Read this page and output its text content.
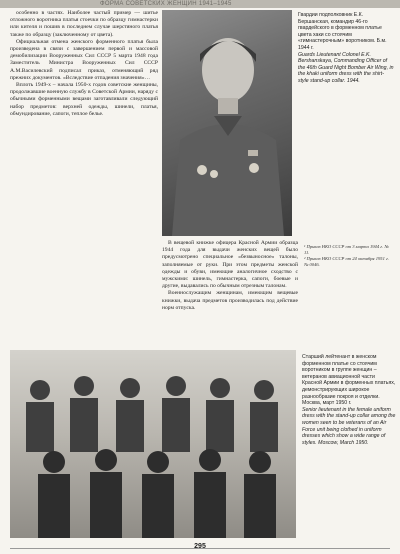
ФОРМА СОВЕТСКИХ ЖЕНЩИН 1941–1945

особенно в частях. Наиболее частый пример — шитье отложного воротника платья стоечки по образцу гимнастерки или кителя и пошив в последнем случае шерстяного платья также по образцу (заключенному от цвета).

Официальная отмена женского форменного платья была произведена в связи с завершением первой и массовой демобилизации Вооруженных Сил СССР 5 марта 1948 года Заместитель Министра Вооруженных Сил СССР А.М.Василевский подписал приказ, отменяющий ряд прежних документов. «Вследствие отпадения значения»…

Вплоть 1949-х – начала 1950-х годов советские женщины, продолжавшие военную службу в Советской Армии, наряду с обычными форменными вещами заготавливали следующий набор предметов: верхней одежды, шинели, платья, обмундирование, сапоги, теплое белье.

Гвардии подполковник Е.К. Бершанская, командир 46-го гвардейского в форменном платье цвета хаки со стоячим «гимнастерочным» воротником. Б.м. 1944 г.
Guards Lieutenant Colonel E.K. Bershanskaya, Commanding Officer of the 46th Guard Night Bomber Air Wing, in the khaki uniform dress with the shirt-style stand-up collar. 1944.

В вещевой книжке офицера Красной Армии образца 1944 года для выдачи женских вещей было предусмотрено специальное «безвыносное» талоны, заполняемые от руки. При этом предметы женской одежды и обуви, имеющие аналогичное сходство с мужскими: шинель, гимнастерка, сапоги, боевые и другие, выдавались по обычным отрезным талонам.

Военнослужащим женщинам, имеющим вещевые книжки, выдача предметов производилась под действие норм отпуска.

¹ Приказ НКО СССР от 3 марта 1944 г. № 11.
² Приказ НКО СССР от 24 октября 1951 г. № 0046.
Старший лейтенант в женском форменном платье со стоячим воротником в группе женщин – ветеранов авиационной части Красной Армии в форменных платьях, демонстрирующих широкое разнообразие покроя и отделки. Москва, март 1950 г.
Senior lieutenant in the female uniform dress with the stand-up collar among the women seen to be veterans of an Air Force unit being clothed in uniform dresses which show a wide range of styles. Moscow, March 1950.
295
